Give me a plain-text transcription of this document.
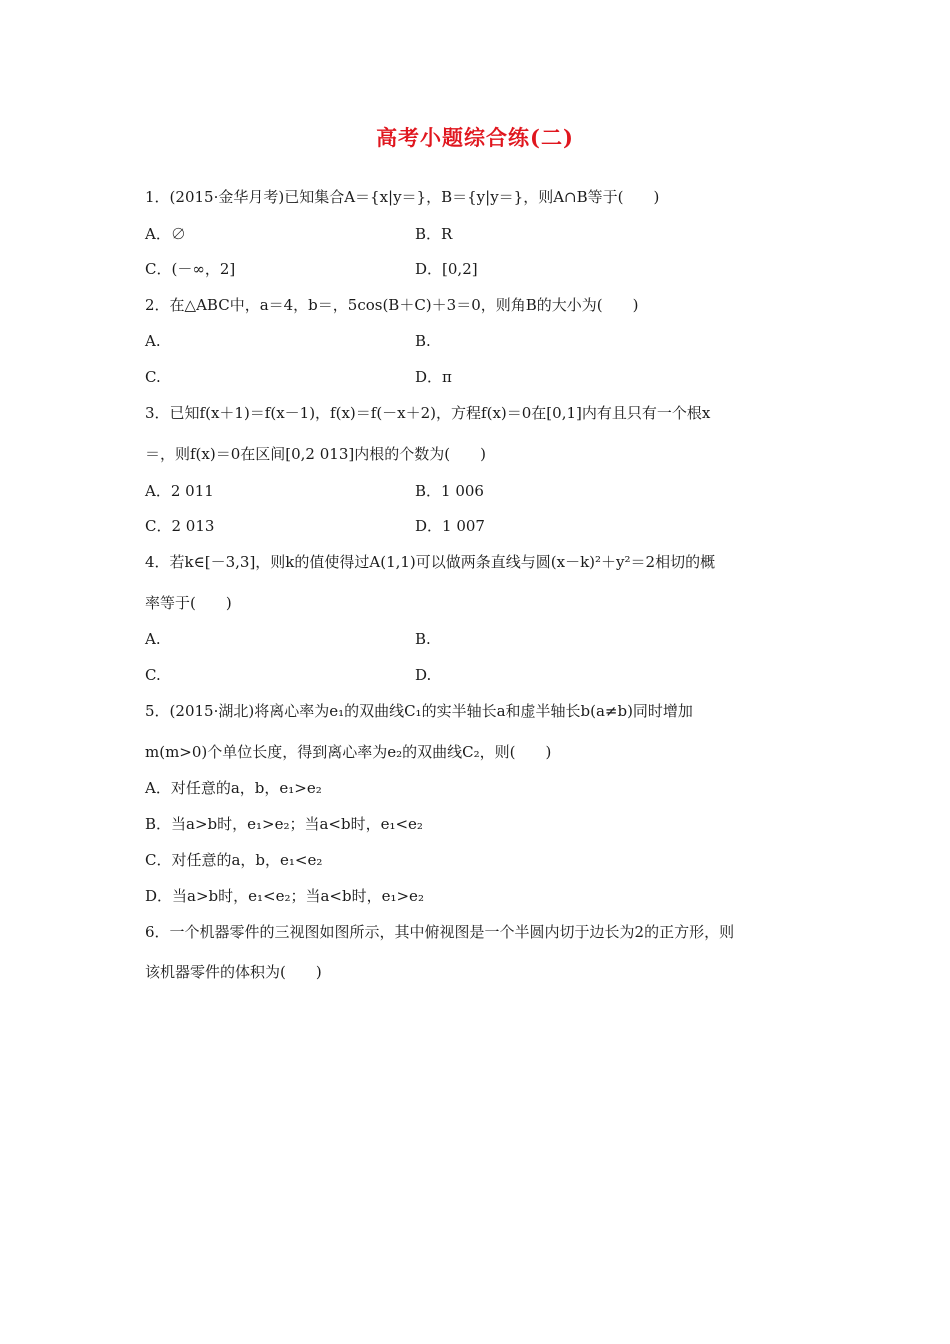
高考小题综合练(二)
1．(2015·金华月考)已知集合A＝{x|y＝}，B＝{y|y＝}，则A∩B等于(　　)
A．∅	B．R
C．(－∞，2]	D．[0,2]
2．在△ABC中，a＝4，b＝，5cos(B＋C)＋3＝0，则角B的大小为(　　)
A.	B.
C.	D．π
3．已知f(x＋1)＝f(x－1)，f(x)＝f(－x＋2)，方程f(x)＝0在[0,1]内有且只有一个根x
＝，则f(x)＝0在区间[0,2 013]内根的个数为(　　)
A．2 011	B．1 006
C．2 013	D．1 007
4．若k∈[－3,3]，则k的值使得过A(1,1)可以做两条直线与圆(x－k)²＋y²＝2相切的概
率等于(　　)
A.	B.
C.	D.
5．(2015·湖北)将离心率为e₁的双曲线C₁的实半轴长a和虚半轴长b(a≠b)同时增加
m(m>0)个单位长度，得到离心率为e₂的双曲线C₂，则(　　)
A．对任意的a，b，e₁>e₂
B．当a>b时，e₁>e₂；当a<b时，e₁<e₂
C．对任意的a，b，e₁<e₂
D．当a>b时，e₁<e₂；当a<b时，e₁>e₂
6．一个机器零件的三视图如图所示，其中俯视图是一个半圆内切于边长为2的正方形，则
该机器零件的体积为(　　)
